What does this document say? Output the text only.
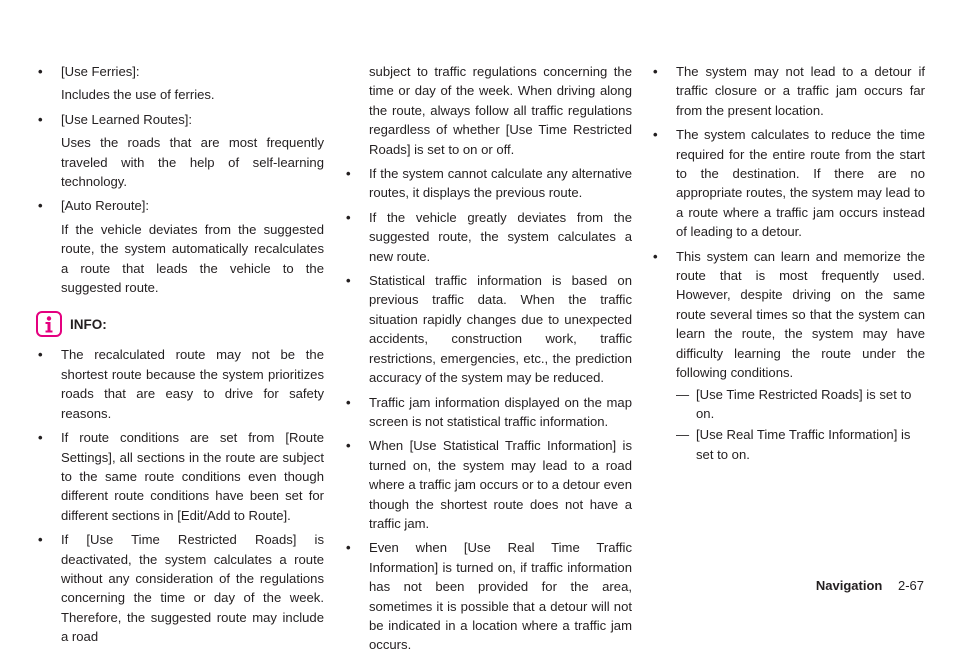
• [Use Ferries]:

Includes the use of ferries.

• [Use Learned Routes]:

Uses the roads that are most frequently traveled with the help of self-learning technology.

• [Auto Reroute]:

If the vehicle deviates from the suggested route, the system automatically recalculates a route that leads the vehicle to the suggested route.

INFO:
• The recalculated route may not be the shortest route because the system prioritizes roads that are easy to drive for safety reasons.

• If route conditions are set from [Route Settings], all sections in the route are subject to the same route conditions even though different route conditions have been set for different sections in [Edit/Add to Route].

• If [Use Time Restricted Roads] is deactivated, the system calculates a route without any consideration of the regulations concerning the time or day of the week. Therefore, the suggested route may include a road

subject to traffic regulations concerning the time or day of the week. When driving along the route, always follow all traffic regulations regardless of whether [Use Time Restricted Roads] is set to on or off.

• If the system cannot calculate any alternative routes, it displays the previous route.

• If the vehicle greatly deviates from the suggested route, the system calculates a new route.

• Statistical traffic information is based on previous traffic data. When the traffic situation rapidly changes due to unexpected accidents, construction work, traffic restrictions, emergencies, etc., the prediction accuracy of the system may be reduced.

• Traffic jam information displayed on the map screen is not statistical traffic information.

• When [Use Statistical Traffic Information] is turned on, the system may lead to a road where a traffic jam occurs or to a detour even though the shortest route does not have a traffic jam.

• Even when [Use Real Time Traffic Information] is turned on, if traffic information has not been provided for the area, sometimes it is possible that a detour will not be indicated in a location where a traffic jam occurs.

• The system may not lead to a detour if traffic closure or a traffic jam occurs far from the present location.

• The system calculates to reduce the time required for the entire route from the start to the destination. If there are no appropriate routes, the system may lead to a route where a traffic jam occurs instead of leading to a detour.

• This system can learn and memorize the route that is most frequently used. However, despite driving on the same route several times so that the system can learn the route, the system may have difficulty learning the route under the following conditions.

— [Use Time Restricted Roads] is set to on.
— [Use Real Time Traffic Information] is set to on.
Navigation 2-67
